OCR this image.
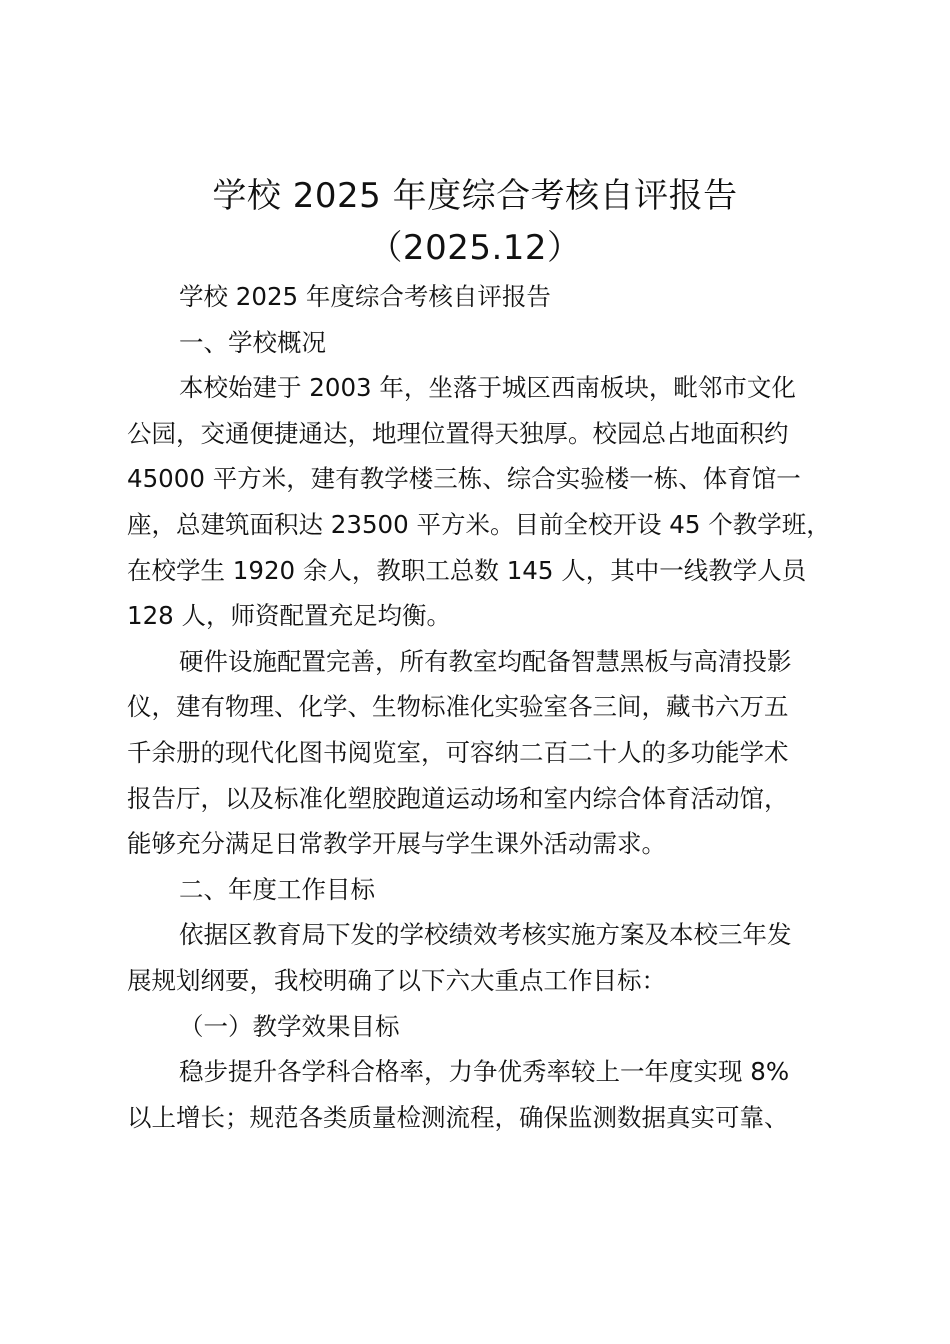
学校 2025 年度综合考核自评报告
（2025.12）

学校 2025 年度综合考核自评报告

一、学校概况

本校始建于 2003 年，坐落于城区西南板块，毗邻市文化
公园，交通便捷通达，地理位置得天独厚。校园总占地面积约
45000 平方米，建有教学楼三栋、综合实验楼一栋、体育馆一
座，总建筑面积达 23500 平方米。目前全校开设 45 个教学班，
在校学生 1920 余人，教职工总数 145 人，其中一线教学人员
128 人，师资配置充足均衡。

硬件设施配置完善，所有教室均配备智慧黑板与高清投影
仪，建有物理、化学、生物标准化实验室各三间，藏书六万五
千余册的现代化图书阅览室，可容纳二百二十人的多功能学术
报告厅，以及标准化塑胶跑道运动场和室内综合体育活动馆，
能够充分满足日常教学开展与学生课外活动需求。

二、年度工作目标

依据区教育局下发的学校绩效考核实施方案及本校三年发
展规划纲要，我校明确了以下六大重点工作目标：

（一）教学效果目标

稳步提升各学科合格率，力争优秀率较上一年度实现 8%
以上增长；规范各类质量检测流程，确保监测数据真实可靠、
